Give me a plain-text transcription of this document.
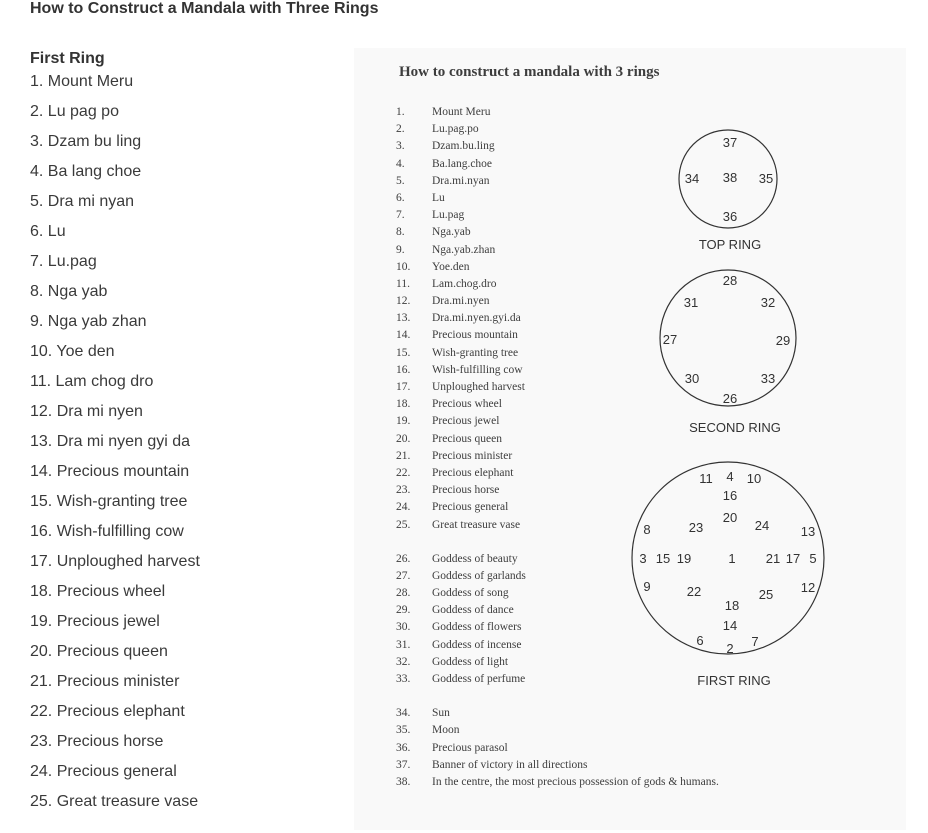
How to Construct a Mandala with Three Rings
First Ring
1. Mount Meru
2. Lu pag po
3. Dzam bu ling
4. Ba lang choe
5. Dra mi nyan
6. Lu
7. Lu.pag
8. Nga yab
9. Nga yab zhan
10. Yoe den
11. Lam chog dro
12. Dra mi nyen
13. Dra mi nyen gyi da
14. Precious mountain
15. Wish-granting tree
16. Wish-fulfilling cow
17. Unploughed harvest
18. Precious wheel
19. Precious jewel
20. Precious queen
21. Precious minister
22. Precious elephant
23. Precious horse
24. Precious general
25. Great treasure vase

How to construct a mandala with 3 rings

1. Mount Meru
2. Lu.pag.po
3. Dzam.bu.ling
4. Ba.lang.choe
5. Dra.mi.nyan
6. Lu
7. Lu.pag
8. Nga.yab
9. Nga.yab.zhan
10. Yoe.den
11. Lam.chog.dro
12. Dra.mi.nyen
13. Dra.mi.nyen.gyi.da
14. Precious mountain
15. Wish-granting tree
16. Wish-fulfilling cow
17. Unploughed harvest
18. Precious wheel
19. Precious jewel
20. Precious queen
21. Precious minister
22. Precious elephant
23. Precious horse
24. Precious general
25. Great treasure vase
26. Goddess of beauty
27. Goddess of garlands
28. Goddess of song
29. Goddess of dance
30. Goddess of flowers
31. Goddess of incense
32. Goddess of light
33. Goddess of perfume
34. Sun
35. Moon
36. Precious parasol
37. Banner of victory in all directions
38. In the centre, the most precious possession of gods & humans.
TOP RING
SECOND RING
FIRST RING
37
34 38 35
36
28
31	32
27	29
30	33
26
11 4 10
16
20
8	23	24 13
3 15 19	1 21 17 5
9	22	25 12
18
14
6
2 7
